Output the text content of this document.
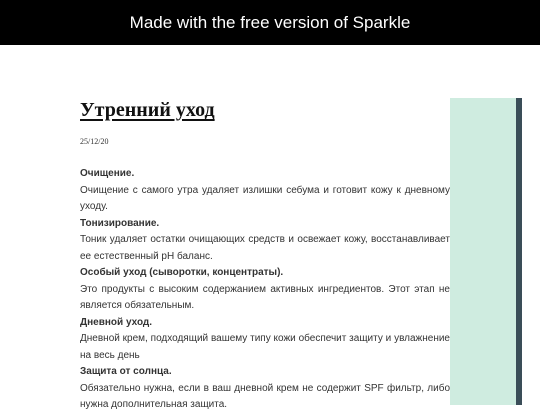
Made with the free version of Sparkle
Утренний уход
25/12/20
Очищение.
Очищение с самого утра удаляет излишки себума и готовит кожу к дневному уходу.
Тонизирование.
Тоник удаляет остатки очищающих средств и освежает кожу, восстанавливает ее естественный pH баланс.
Особый уход (сыворотки, концентраты).
Это продукты с высоким содержанием активных ингредиентов. Этот этап не является обязательным.
Дневной уход.
Дневной крем, подходящий вашему типу кожи обеспечит защиту и увлажнение на весь день
Защита от солнца.
Обязательно нужна, если в ваш дневной крем не содержит SPF фильтр, либо нужна дополнительная защита.
